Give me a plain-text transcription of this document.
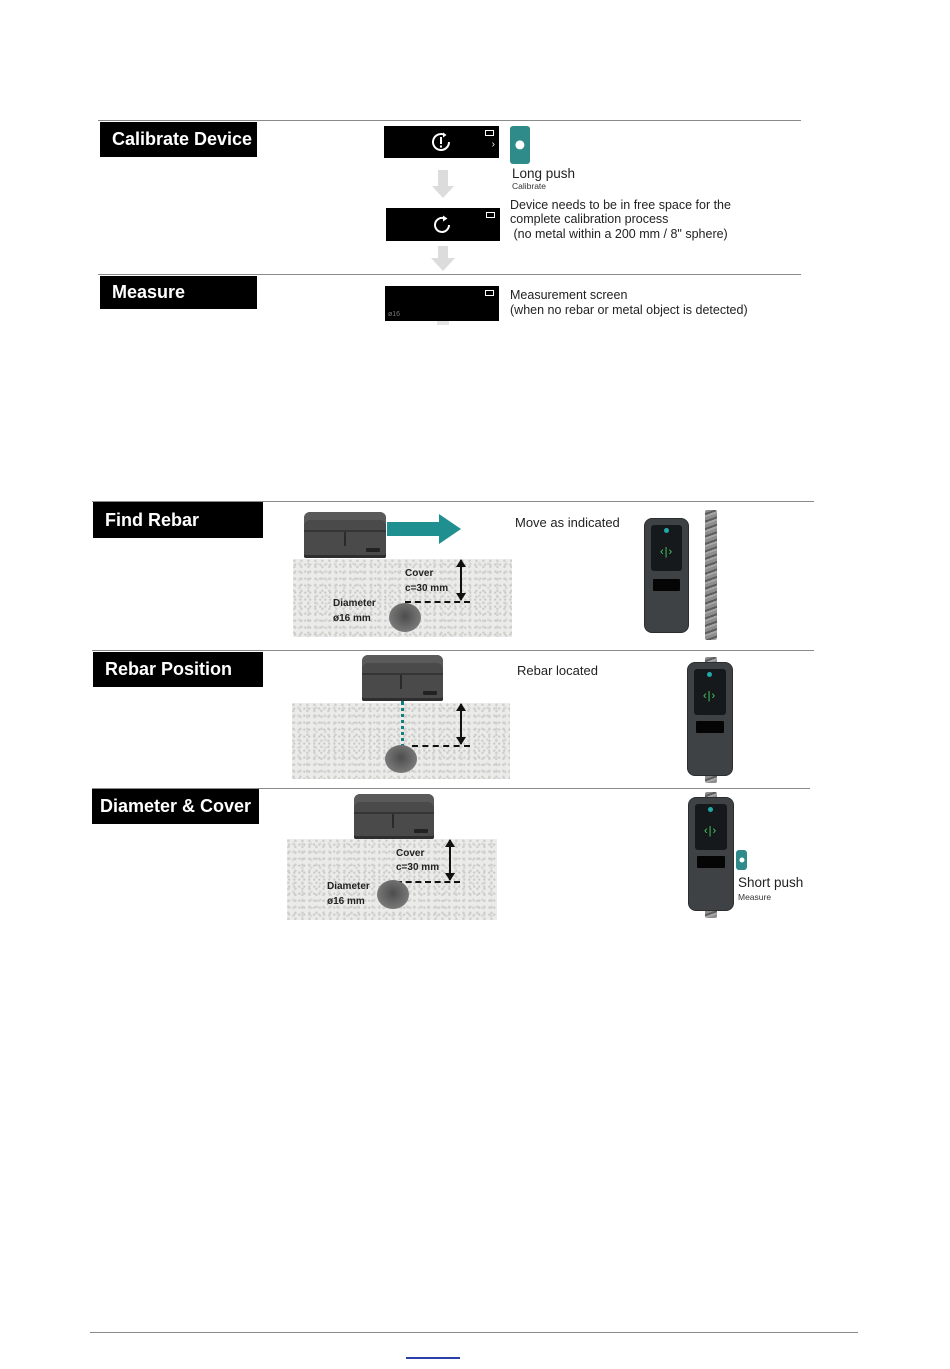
Calibrate Device	›
Long push
Calibrate
Device needs to be in free space for the
complete calibration process
(no metal within a 200 mm / 8" sphere)
Measure
ø16
Measurement screen
(when no rebar or metal object is detected)
Find Rebar
Cover
c=30 mm
Diameter
ø16 mm
Move as indicated
‹|›
Rebar Position	Rebar located
‹|›
Diameter & Cover
Cover
c=30 mm
Diameter
ø16 mm
‹|›
Short push
Measure
